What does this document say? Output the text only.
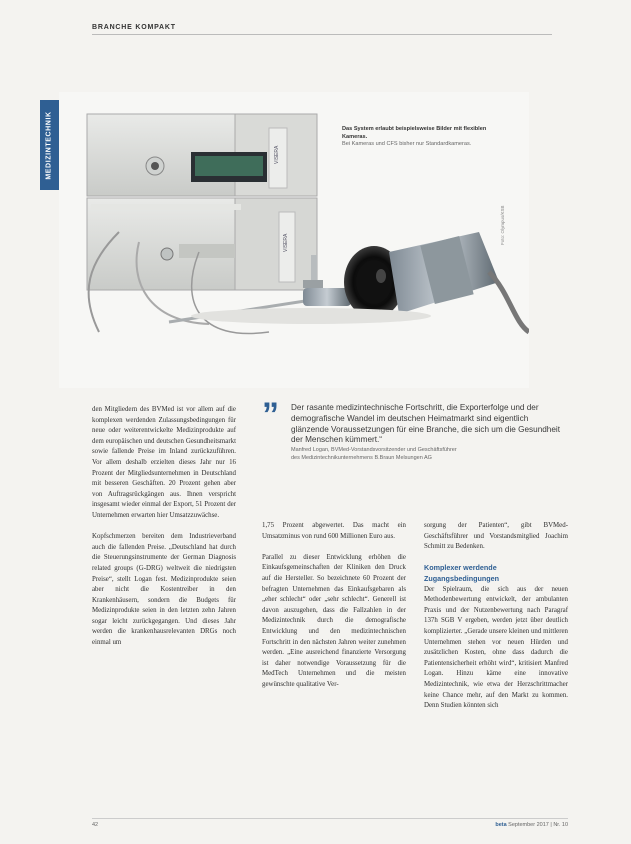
BRANCHE KOMPAKT
MEDIZINTECHNIK	VISERA
VISERA
Das System erlaubt beispielsweise Bilder mit flexiblen Kameras.
Bei Kameras und CFS bisher nur Standardkameras.
Foto: Olympus/KSB
” Der rasante medizintechnische Fortschritt, die Exporterfolge und der demografische Wandel im deutschen Heimatmarkt sind eigentlich glänzende Voraussetzungen für eine Branche, die sich um die Gesundheit der Menschen kümmert.“
Manfred Logan, BVMed-Vorstandsvorsitzender und Geschäftsführer
des Medizintechnikunternehmens B.Braun Melsungen AG

den Mitgliedern des BVMed ist vor allem auf die komplexen werdenden Zulassungsbedingungen für neue oder weiterentwickelte Medizinprodukte auf dem europäischen und deutschen Gesundheitsmarkt sowie fallende Preise im Inland zurückzuführen. Vor allem deshalb erzielten dieses Jahr nur 16 Prozent der Mitgliedsunternehmen in Deutschland mit besseren Geschäften. 20 Prozent gehen aber von Auftragsrückgängen aus. Ihnen verspricht insgesamt wieder einmal der Export, 51 Prozent der Unternehmen erwarten hier Umsatzzuwächse.

Kopfschmerzen bereiten dem Industrieverband auch die fallenden Preise. „Deutschland hat durch die Steuerungsinstrumente der German Diagnosis related groups (G-DRG) weltweit die niedrigsten Preise“, stellt Logan fest. Medizinprodukte seien aber nicht die Kostentreiber in den Krankenhäusern, sondern die Budgets für Medizinprodukte seien in den letzten zehn Jahren sogar leicht zurückgegangen. Und dieses Jahr werden die krankenhausrelevanten DRGs noch einmal um

1,75 Prozent abgewertet. Das macht ein Umsatzminus von rund 600 Millionen Euro aus.

Parallel zu dieser Entwicklung erhöhen die Einkaufsgemeinschaften der Kliniken den Druck auf die Hersteller. So bezeichnete 60 Prozent der befragten Unternehmen das Einkaufsgebaren als „eher schlecht“ oder „sehr schlecht“. Generell ist davon auszugehen, dass die Fallzahlen in der Medizintechnik durch die demografische Entwicklung und den medizintechnischen Fortschritt in den nächsten Jahren weiter zunehmen werden. „Eine ausreichend finanzierte Versorgung ist daher notwendige Voraussetzung für die MedTech Unternehmen und die meisten gewünschte qualitative Ver-

sorgung der Patienten“, gibt BVMed-Geschäftsführer und Vorstandsmitglied Joachim Schmitt zu Bedenken.

Komplexer werdende Zugangsbedingungen

Der Spielraum, die sich aus der neuen Methodenbewertung entwickelt, der ambulanten Praxis und der Nutzenbewertung nach Paragraf 137h SGB V ergeben, werden jetzt über deutlich komplizierter. „Gerade unsere kleinen und mittleren Unternehmen stehen vor neuen Hürden und zusätzlichen Kosten, ohne dass dadurch die Patientensicherheit erhöht wird“, kritisiert Manfred Logan. Hinzu käme eine innovative Medizintechnik, wie etwa der Herzschrittmacher keine Chance mehr, auf den Markt zu kommen. Denn Studien könnten sich

42	beta September 2017 | Nr. 10
